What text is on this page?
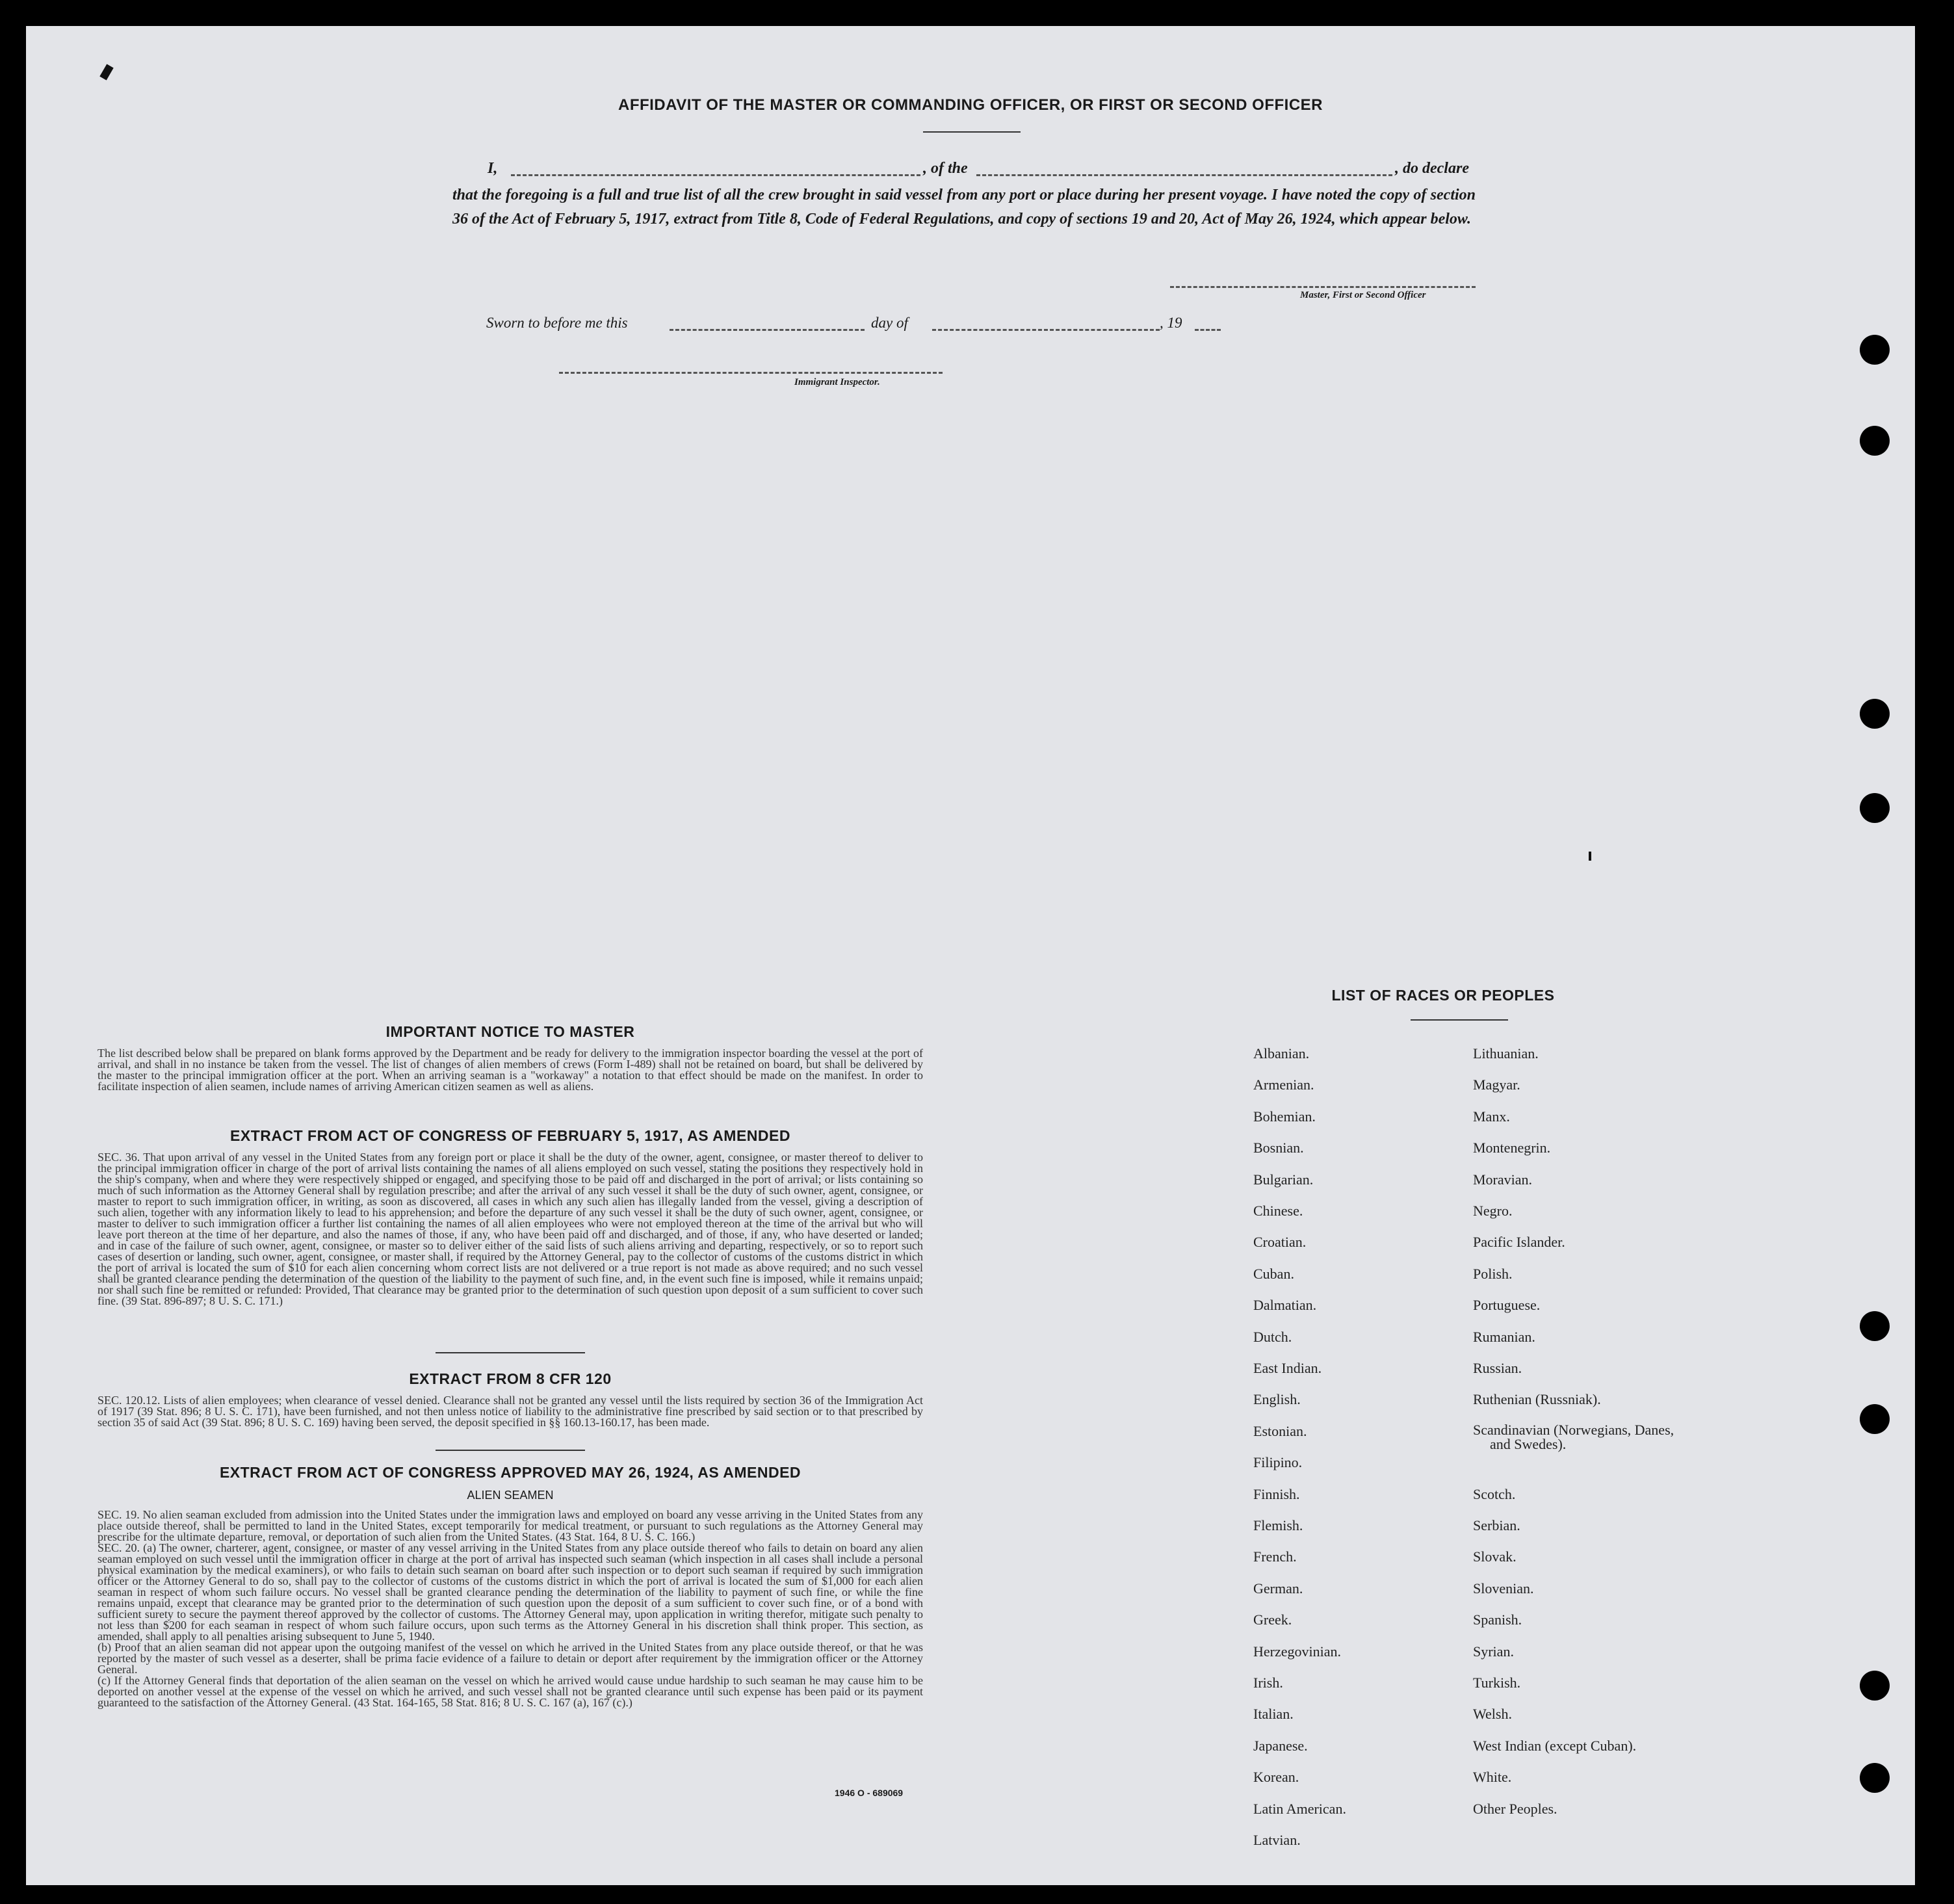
AFFIDAVIT OF THE MASTER OR COMMANDING OFFICER, OR FIRST OR SECOND OFFICER
I,	, of the	, do declare
that the foregoing is a full and true list of all the crew brought in said vessel from any port or place during her present voyage. I have noted the copy of section 36 of the Act of February 5, 1917, extract from Title 8, Code of Federal Regulations, and copy of sections 19 and 20, Act of May 26, 1924, which appear below.
Master, First or Second Officer
Sworn to before me this	day of	, 19
Immigrant Inspector.
IMPORTANT NOTICE TO MASTER
The list described below shall be prepared on blank forms approved by the Department and be ready for delivery to the immigration inspector boarding the vessel at the port of arrival, and shall in no instance be taken from the vessel. The list of changes of alien members of crews (Form I-489) shall not be retained on board, but shall be delivered by the master to the principal immigration officer at the port. When an arriving seaman is a "workaway" a notation to that effect should be made on the manifest. In order to facilitate inspection of alien seamen, include names of arriving American citizen seamen as well as aliens.
EXTRACT FROM ACT OF CONGRESS OF FEBRUARY 5, 1917, AS AMENDED
SEC. 36. That upon arrival of any vessel in the United States from any foreign port or place it shall be the duty of the owner, agent, consignee, or master thereof to deliver to the principal immigration officer in charge of the port of arrival lists containing the names of all aliens employed on such vessel, stating the positions they respectively hold in the ship's company, when and where they were respectively shipped or engaged, and specifying those to be paid off and discharged in the port of arrival; or lists containing so much of such information as the Attorney General shall by regulation prescribe; and after the arrival of any such vessel it shall be the duty of such owner, agent, consignee, or master to report to such immigration officer, in writing, as soon as discovered, all cases in which any such alien has illegally landed from the vessel, giving a description of such alien, together with any information likely to lead to his apprehension; and before the departure of any such vessel it shall be the duty of such owner, agent, consignee, or master to deliver to such immigration officer a further list containing the names of all alien employees who were not employed thereon at the time of the arrival but who will leave port thereon at the time of her departure, and also the names of those, if any, who have been paid off and discharged, and of those, if any, who have deserted or landed; and in case of the failure of such owner, agent, consignee, or master so to deliver either of the said lists of such aliens arriving and departing, respectively, or so to report such cases of desertion or landing, such owner, agent, consignee, or master shall, if required by the Attorney General, pay to the collector of customs of the customs district in which the port of arrival is located the sum of $10 for each alien concerning whom correct lists are not delivered or a true report is not made as above required; and no such vessel shall be granted clearance pending the determination of the question of the liability to the payment of such fine, and, in the event such fine is imposed, while it remains unpaid; nor shall such fine be remitted or refunded: Provided, That clearance may be granted prior to the determination of such question upon deposit of a sum sufficient to cover such fine. (39 Stat. 896-897; 8 U. S. C. 171.)
EXTRACT FROM 8 CFR 120
SEC. 120.12. Lists of alien employees; when clearance of vessel denied. Clearance shall not be granted any vessel until the lists required by section 36 of the Immigration Act of 1917 (39 Stat. 896; 8 U. S. C. 171), have been furnished, and not then unless notice of liability to the administrative fine prescribed by said section or to that prescribed by section 35 of said Act (39 Stat. 896; 8 U. S. C. 169) having been served, the deposit specified in §§ 160.13-160.17, has been made.
EXTRACT FROM ACT OF CONGRESS APPROVED MAY 26, 1924, AS AMENDED
ALIEN SEAMEN
SEC. 19. No alien seaman excluded from admission into the United States under the immigration laws and employed on board any vesse arriving in the United States from any place outside thereof, shall be permitted to land in the United States, except temporarily for medical treatment, or pursuant to such regulations as the Attorney General may prescribe for the ultimate departure, removal, or deportation of such alien from the United States. (43 Stat. 164, 8 U. S. C. 166.)
SEC. 20. (a) The owner, charterer, agent, consignee, or master of any vessel arriving in the United States from any place outside thereof who fails to detain on board any alien seaman employed on such vessel until the immigration officer in charge at the port of arrival has inspected such seaman (which inspection in all cases shall include a personal physical examination by the medical examiners), or who fails to detain such seaman on board after such inspection or to deport such seaman if required by such immigration officer or the Attorney General to do so, shall pay to the collector of customs of the customs district in which the port of arrival is located the sum of $1,000 for each alien seaman in respect of whom such failure occurs. No vessel shall be granted clearance pending the determination of the liability to payment of such fine, or while the fine remains unpaid, except that clearance may be granted prior to the determination of such question upon the deposit of a sum sufficient to cover such fine, or of a bond with sufficient surety to secure the payment thereof approved by the collector of customs. The Attorney General may, upon application in writing therefor, mitigate such penalty to not less than $200 for each seaman in respect of whom such failure occurs, upon such terms as the Attorney General in his discretion shall think proper. This section, as amended, shall apply to all penalties arising subsequent to June 5, 1940.
(b) Proof that an alien seaman did not appear upon the outgoing manifest of the vessel on which he arrived in the United States from any place outside thereof, or that he was reported by the master of such vessel as a deserter, shall be prima facie evidence of a failure to detain or deport after requirement by the immigration officer or the Attorney General.
(c) If the Attorney General finds that deportation of the alien seaman on the vessel on which he arrived would cause undue hardship to such seaman he may cause him to be deported on another vessel at the expense of the vessel on which he arrived, and such vessel shall not be granted clearance until such expense has been paid or its payment guaranteed to the satisfaction of the Attorney General. (43 Stat. 164-165, 58 Stat. 816; 8 U. S. C. 167 (a), 167 (c).)
1946 O - 689069
LIST OF RACES OR PEOPLES
Albanian.
Armenian.
Bohemian.
Bosnian.
Bulgarian.
Chinese.
Croatian.
Cuban.
Dalmatian.
Dutch.
East Indian.
English.
Estonian.
Filipino.
Finnish.
Flemish.
French.
German.
Greek.
Herzegovinian.
Irish.
Italian.
Japanese.
Korean.
Latin American.
Latvian.
Lithuanian.
Magyar.
Manx.
Montenegrin.
Moravian.
Negro.
Pacific Islander.
Polish.
Portuguese.
Rumanian.
Russian.
Ruthenian (Russniak).
Scandinavian (Norwegians, Danes, and Swedes).
Scotch.
Serbian.
Slovak.
Slovenian.
Spanish.
Syrian.
Turkish.
Welsh.
West Indian (except Cuban).
White.
Other Peoples.
